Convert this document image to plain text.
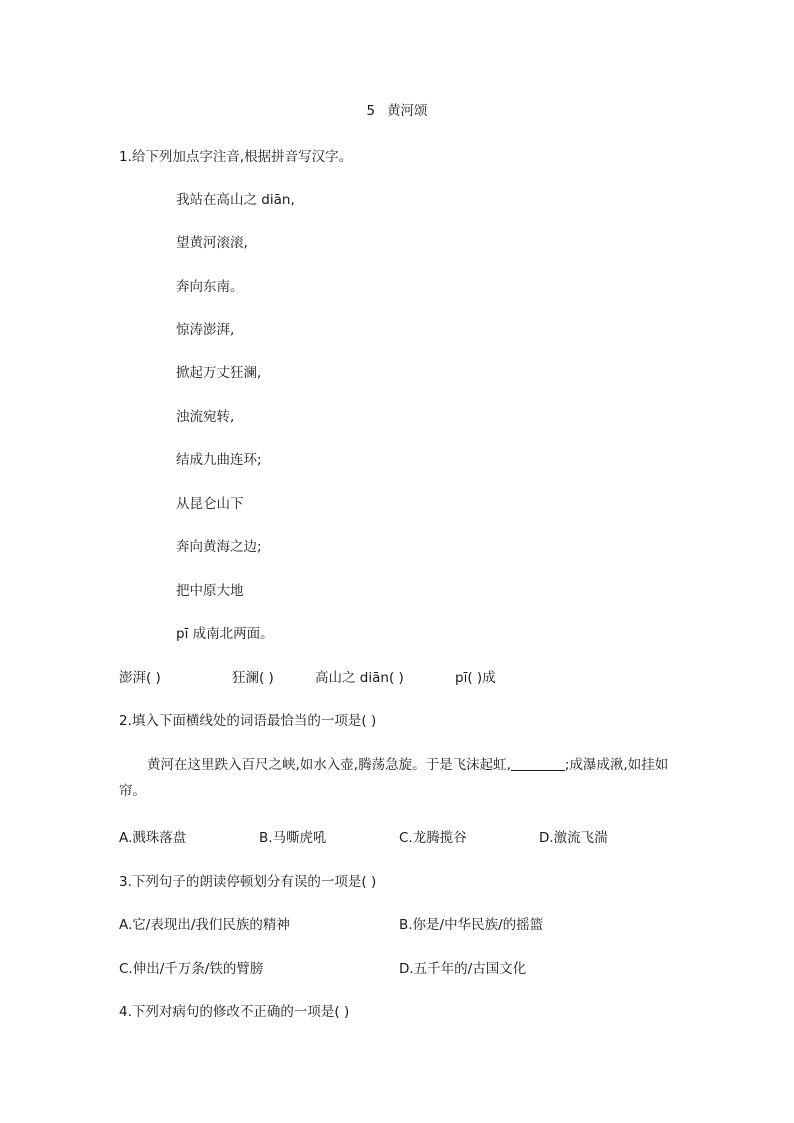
5 黄河颂
1.给下列加点字注音,根据拼音写汉字。
我站在高山之 diān,
望黄河滚滚,
奔向东南。
惊涛澎湃,
掀起万丈狂澜,
浊流宛转,
结成九曲连环;
从昆仑山下
奔向黄海之边;
把中原大地
pī 成南北两面。
澎湃( )	狂澜( )	高山之 diān( )	pī( )成
2.填入下面横线处的词语最恰当的一项是( )
黄河在这里跌入百尺之峡,如水入壶,腾荡急旋。于是飞沫起虹,	;成瀑成湫,如挂如帘。
A.溅珠落盘	B.马嘶虎吼	C.龙腾揽谷	D.激流飞湍
3.下列句子的朗读停顿划分有误的一项是( )
A.它/表现出/我们民族的精神	B.你是/中华民族/的摇篮
C.伸出/千万条/铁的臂膀	D.五千年的/古国文化
4.下列对病句的修改不正确的一项是( )
